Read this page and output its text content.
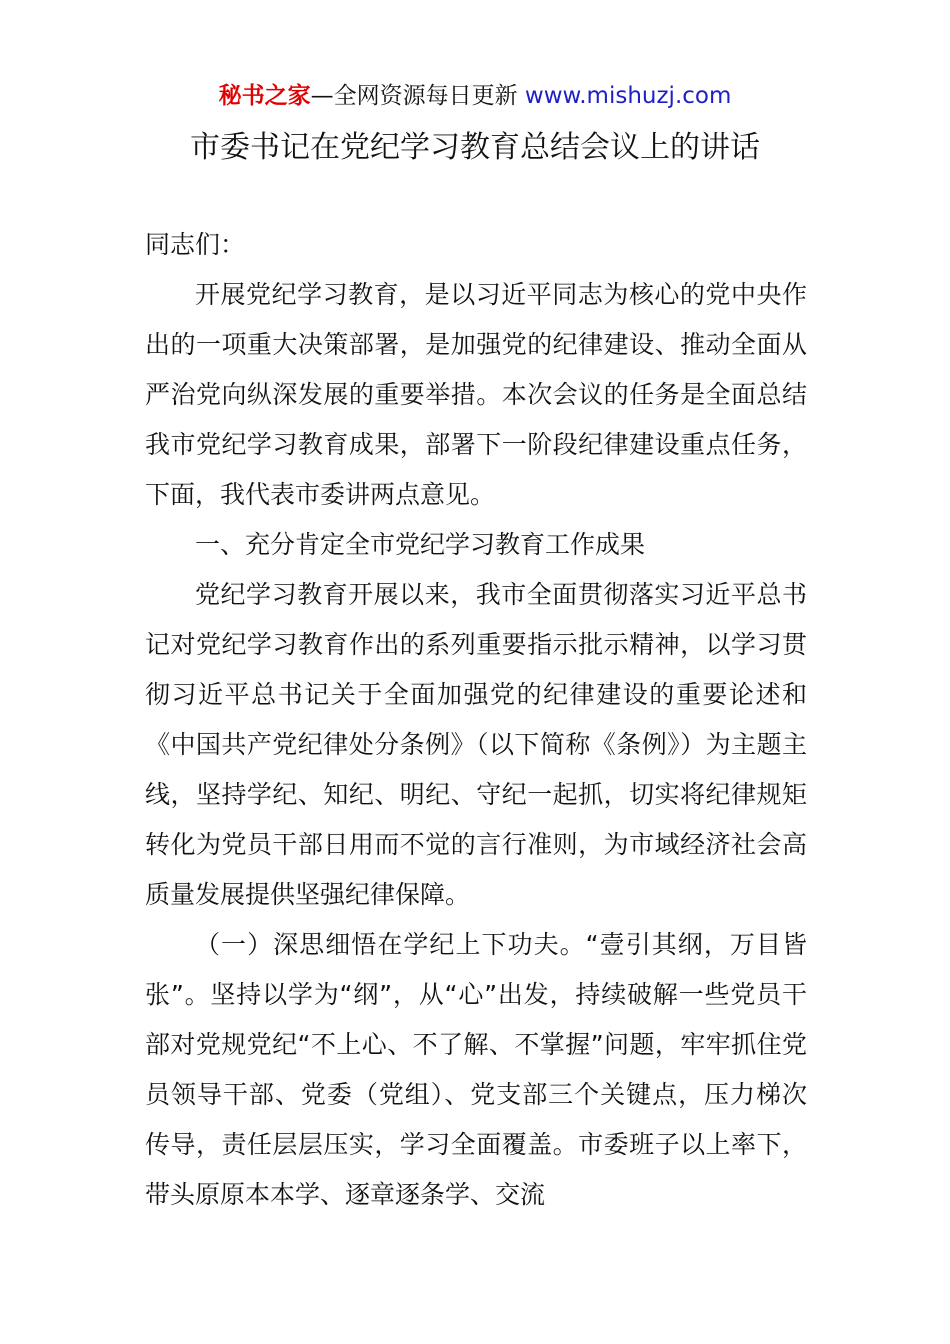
秘书之家—全网资源每日更新 www.mishuzj.com
市委书记在党纪学习教育总结会议上的讲话

同志们：

开展党纪学习教育，是以习近平同志为核心的党中央作出的一项重大决策部署，是加强党的纪律建设、推动全面从严治党向纵深发展的重要举措。本次会议的任务是全面总结我市党纪学习教育成果，部署下一阶段纪律建设重点任务，下面，我代表市委讲两点意见。

一、充分肯定全市党纪学习教育工作成果

党纪学习教育开展以来，我市全面贯彻落实习近平总书记对党纪学习教育作出的系列重要指示批示精神，以学习贯彻习近平总书记关于全面加强党的纪律建设的重要论述和《中国共产党纪律处分条例》（以下简称《条例》）为主题主线，坚持学纪、知纪、明纪、守纪一起抓，切实将纪律规矩转化为党员干部日用而不觉的言行准则，为市域经济社会高质量发展提供坚强纪律保障。

（一）深思细悟在学纪上下功夫。“壹引其纲，万目皆张”。坚持以学为“纲”，从“心”出发，持续破解一些党员干部对党规党纪“不上心、不了解、不掌握”问题，牢牢抓住党员领导干部、党委（党组）、党支部三个关键点，压力梯次传导，责任层层压实，学习全面覆盖。市委班子以上率下，带头原原本本学、逐章逐条学、交流
